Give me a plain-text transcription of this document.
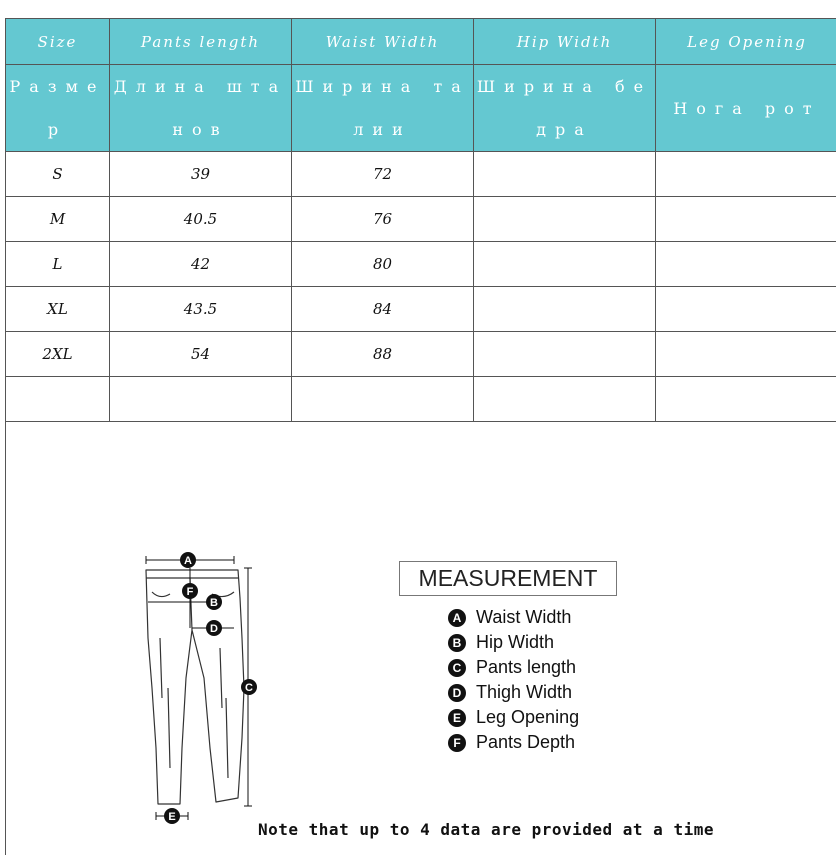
Size	Pants length	Waist Width	Hip Width	Leg Opening
Размер	Длина штанов	Ширина талии	Ширина бедра	Нога рот
S	39	72		
M	40.5	76		
L	42	80		
XL	43.5	84		
2XL	54	88		

A
F
B
D
C
E
MEASUREMENT
A Waist Width
B Hip Width
C Pants length
D Thigh Width
E Leg Opening
F Pants Depth
Note that up to 4 data are provided at a time
